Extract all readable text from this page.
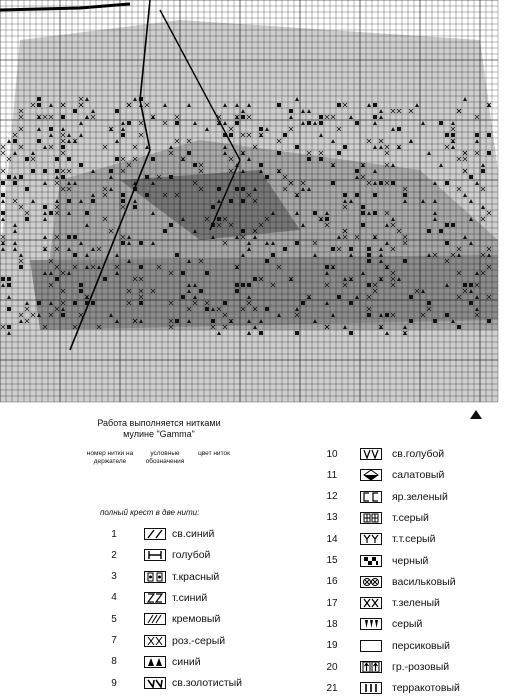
Работа выполняется нитками мулине "Gamma"
номер нитки на держателе
условные обозначения
цвет ниток
полный крест в две нити:
1	св.синий
2	голубой
3	т.красный
4	т.синий
5	кремовый
7	роз.-серый
8	синий
9	св.золотистый
10	св.голубой
11	салатовый
12	яр.зеленый
13	☒ т.серый
14	т.т.серый
15	черный
16	васильковый
17	т.зеленый
18	серый
19	персиковый
20	гр.-розовый
21	терракотовый
